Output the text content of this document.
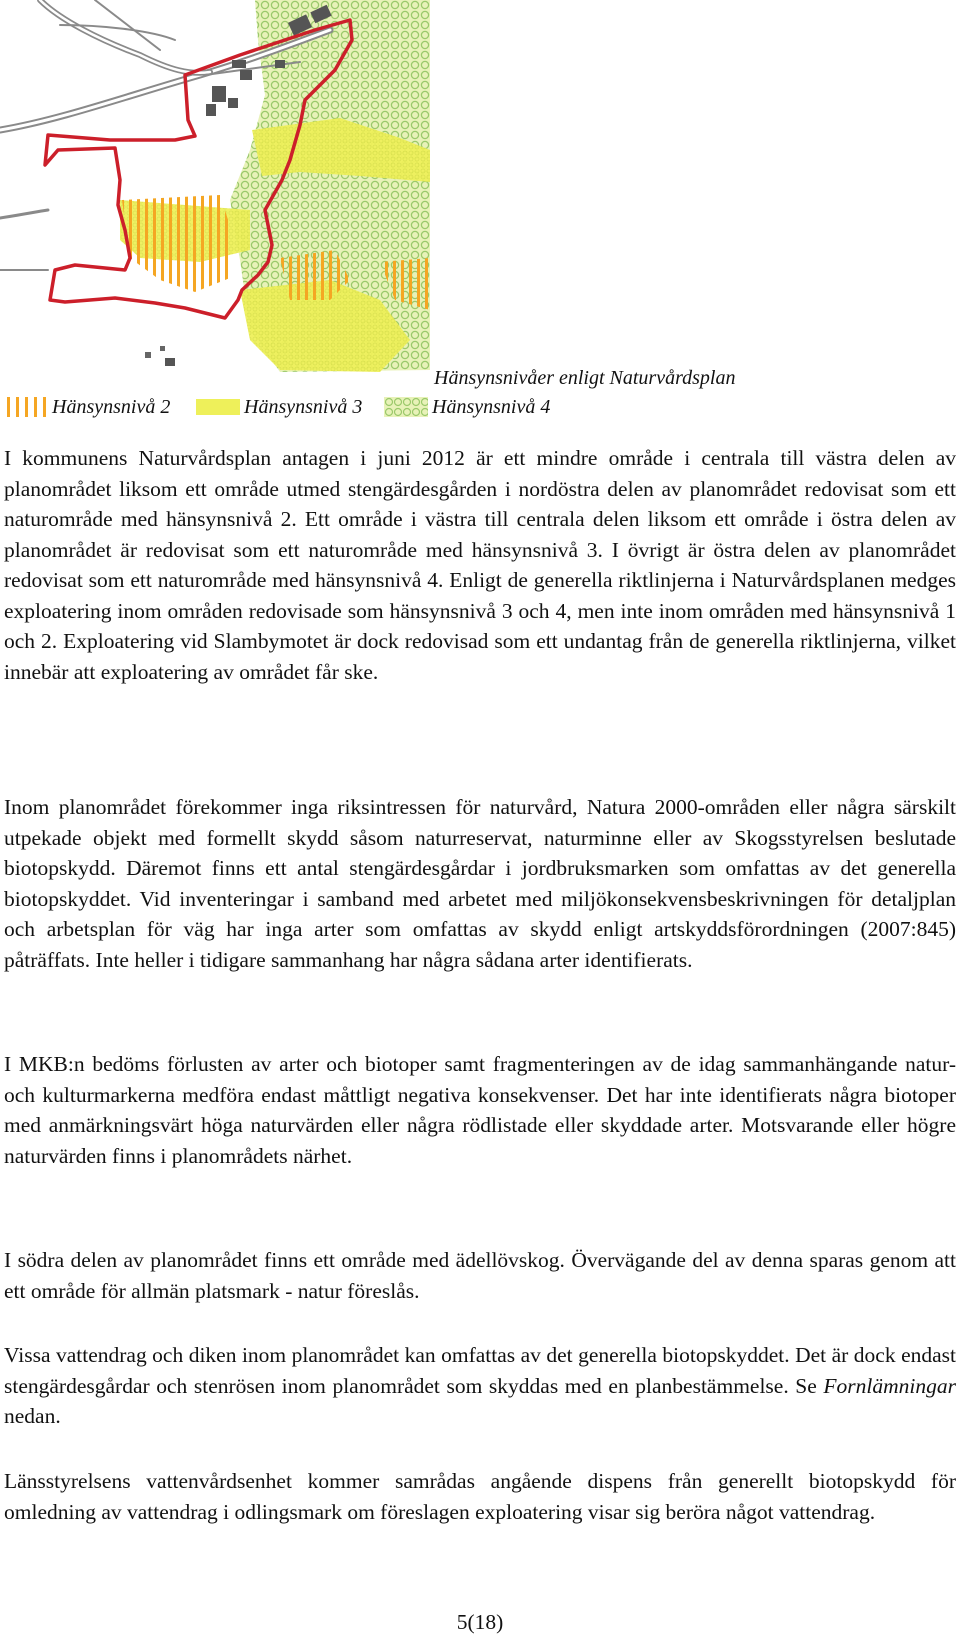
Hänsynsnivåer enligt Naturvårdsplan
Hänsynsnivå 2	Hänsynsnivå 3	Hänsynsnivå 4

I kommunens Naturvårdsplan antagen i juni 2012 är ett mindre område i centrala till västra delen av planområdet liksom ett område utmed stengärdesgården i nordöstra delen av planområdet redovisat som ett naturområde med hänsynsnivå 2. Ett område i västra till centrala delen liksom ett område i östra delen av planområdet är redovisat som ett naturområde med hänsynsnivå 3. I övrigt är östra delen av planområdet redovisat som ett naturområde med hänsynsnivå 4. Enligt de generella riktlinjerna i Naturvårdsplanen medges exploatering inom områden redovisade som hänsynsnivå 3 och 4, men inte inom områden med hänsynsnivå 1 och 2. Exploatering vid Slambymotet är dock redovisad som ett undantag från de generella riktlinjerna, vilket innebär att exploatering av området får ske.

Inom planområdet förekommer inga riksintressen för naturvård, Natura 2000-områden eller några särskilt utpekade objekt med formellt skydd såsom naturreservat, naturminne eller av Skogsstyrelsen beslutade biotopskydd. Däremot finns ett antal stengärdesgårdar i jordbruksmarken som omfattas av det generella biotopskyddet. Vid inventeringar i samband med arbetet med miljökonsekvensbeskrivningen för detaljplan och arbetsplan för väg har inga arter som omfattas av skydd enligt artskyddsförordningen (2007:845) påträffats. Inte heller i tidigare sammanhang har några sådana arter identifierats.

I MKB:n bedöms förlusten av arter och biotoper samt fragmenteringen av de idag sammanhängande natur- och kulturmarkerna medföra endast måttligt negativa konsekvenser. Det har inte identifierats några biotoper med anmärkningsvärt höga naturvärden eller några rödlistade eller skyddade arter. Motsvarande eller högre naturvärden finns i planområdets närhet.

I södra delen av planområdet finns ett område med ädellövskog. Övervägande del av denna sparas genom att ett område för allmän platsmark - natur föreslås.

Vissa vattendrag och diken inom planområdet kan omfattas av det generella biotopskyddet. Det är dock endast stengärdesgårdar och stenrösen inom planområdet som skyddas med en planbestämmelse. Se Fornlämningar nedan.

Länsstyrelsens vattenvårdsenhet kommer samrådas angående dispens från generellt biotopskydd för omledning av vattendrag i odlingsmark om föreslagen exploatering visar sig beröra något vattendrag.

5(18)
